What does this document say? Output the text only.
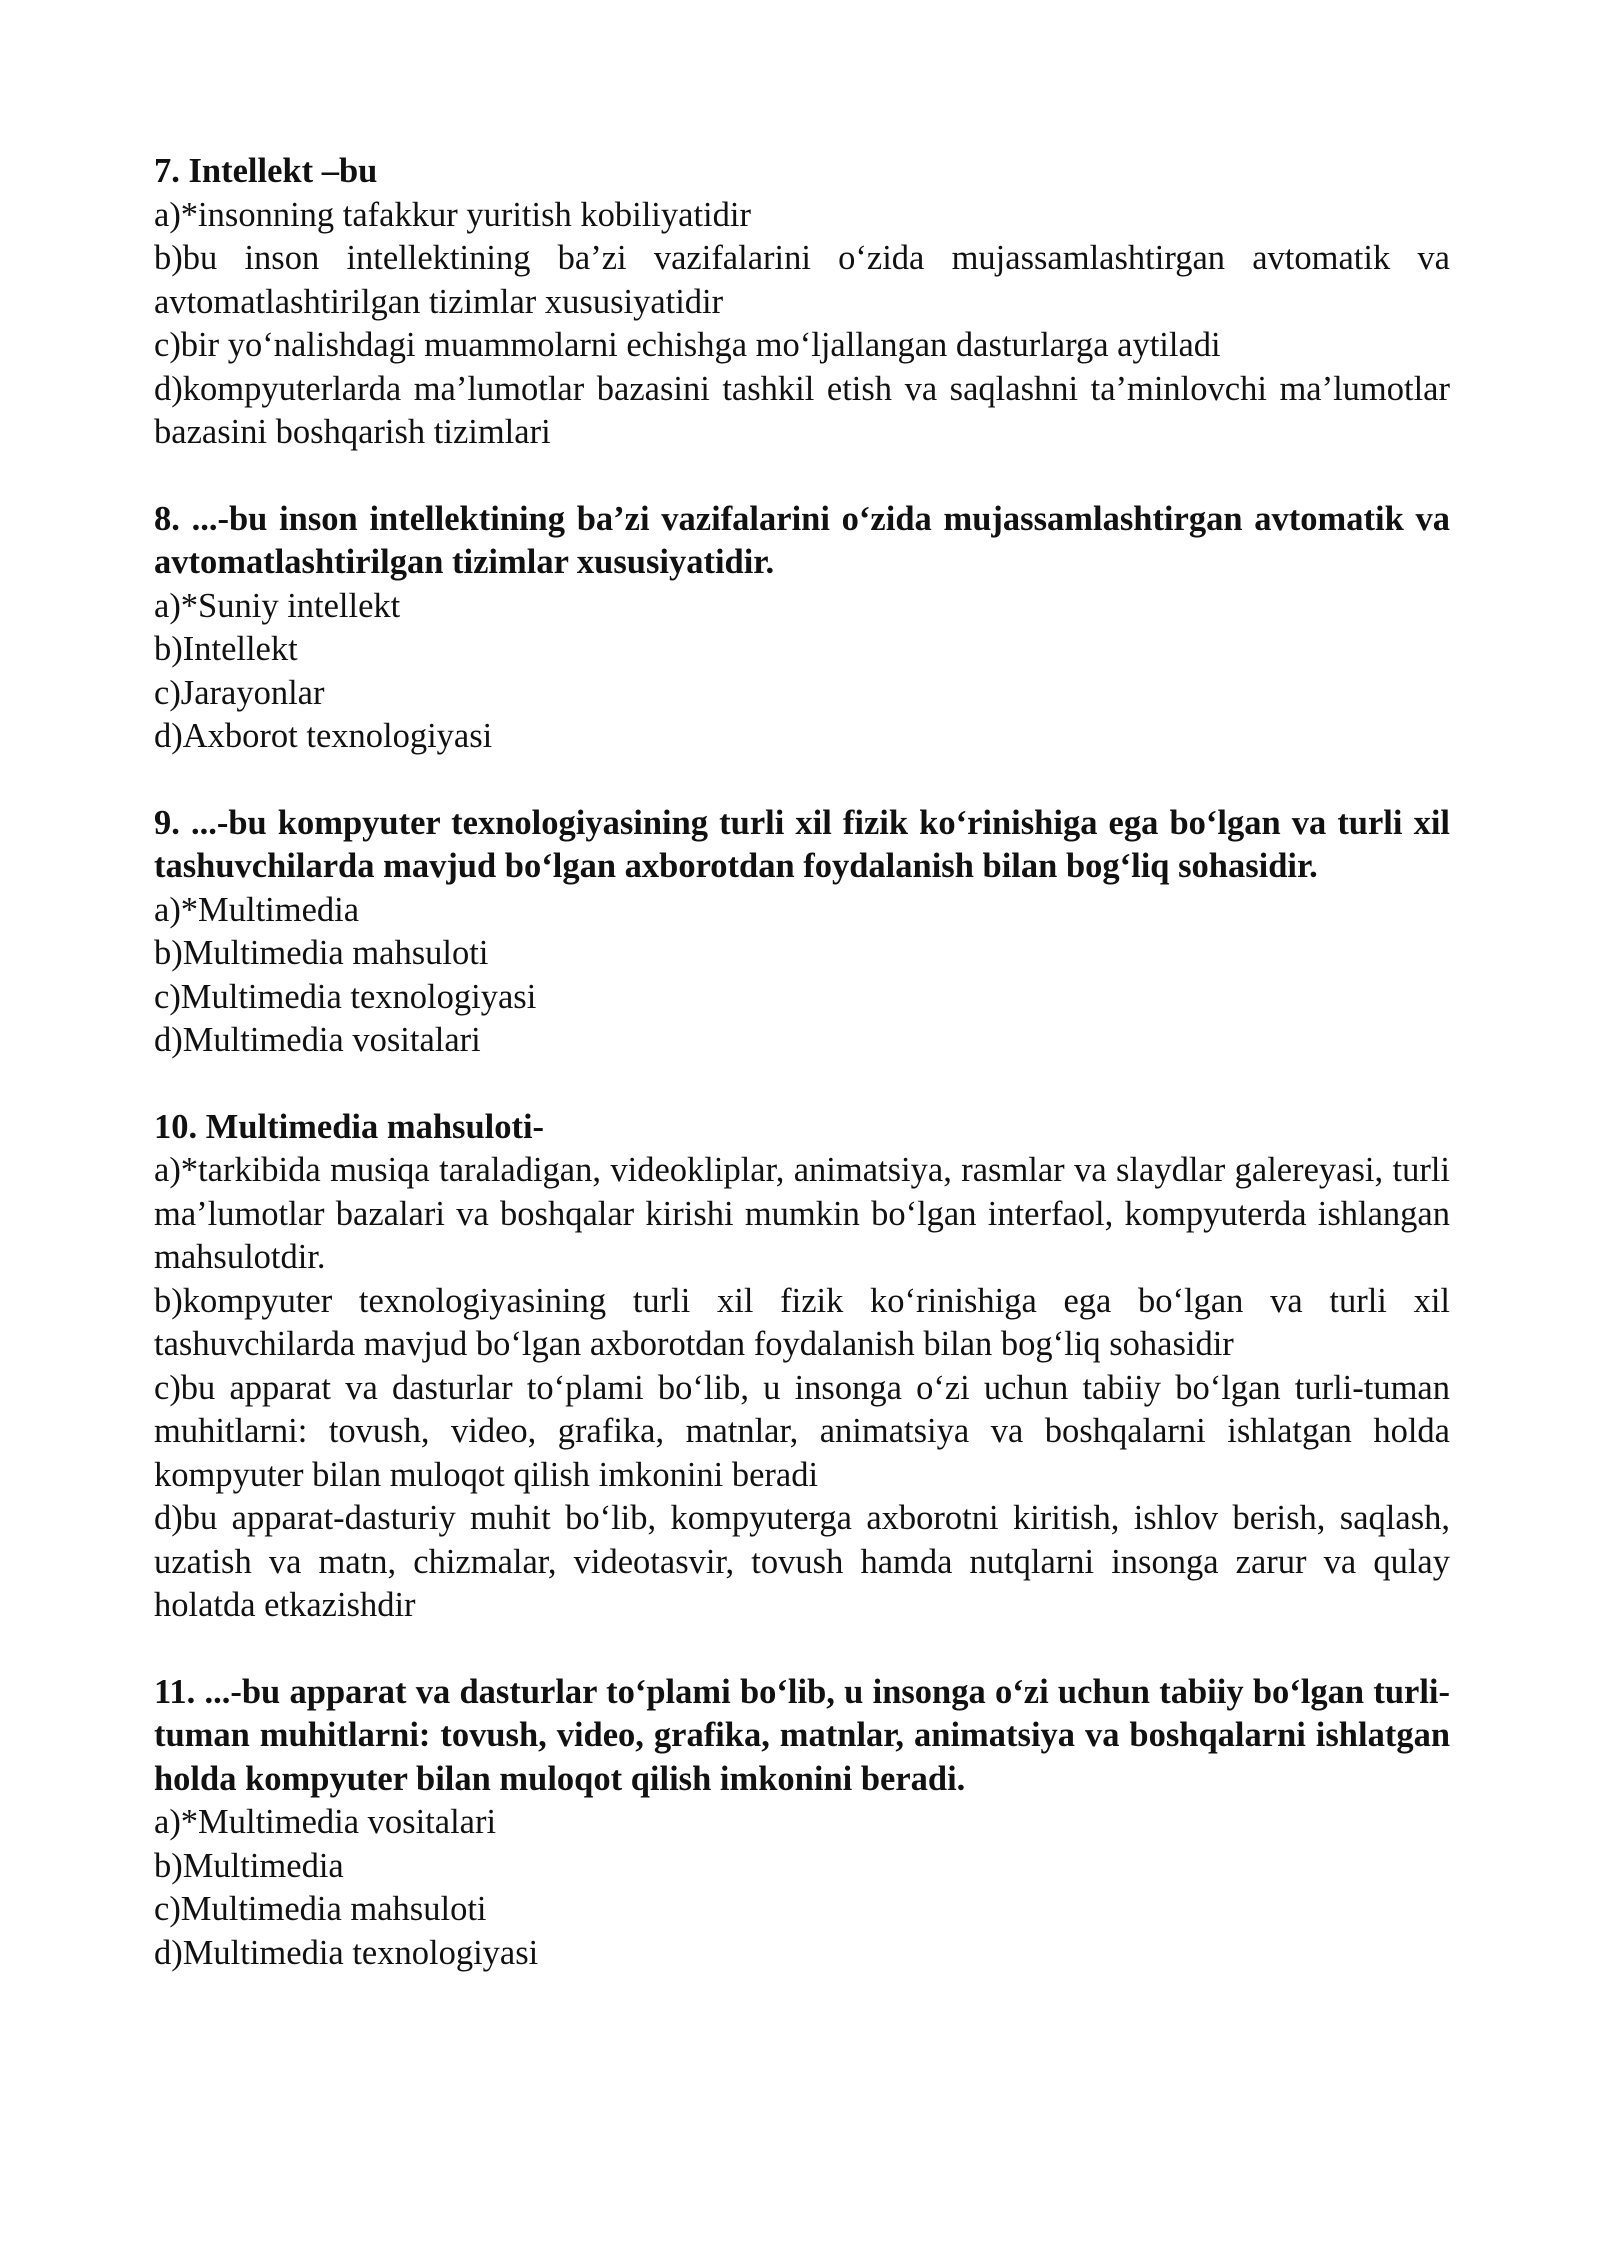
7. Intellekt –bu

a)*insonning tafakkur yuritish kobiliyatidir

b)bu inson intellektining ba’zi vazifalarini o‘zida mujassamlashtirgan avtomatik va avtomatlashtirilgan tizimlar xususiyatidir

c)bir yo‘nalishdagi muammolarni echishga mo‘ljallangan dasturlarga aytiladi

d)kompyuterlarda ma’lumotlar bazasini tashkil etish va saqlashni ta’minlovchi ma’lumotlar bazasini boshqarish tizimlari

8. ...-bu inson intellektining ba’zi vazifalarini o‘zida mujassamlashtirgan avtomatik va avtomatlashtirilgan tizimlar xususiyatidir.

a)*Suniy intellekt

b)Intellekt

c)Jarayonlar

d)Axborot texnologiyasi

9. ...-bu kompyuter texnologiyasining turli xil fizik ko‘rinishiga ega bo‘lgan va turli xil tashuvchilarda mavjud bo‘lgan axborotdan foydalanish bilan bog‘liq sohasidir.

a)*Multimedia

b)Multimedia mahsuloti

c)Multimedia texnologiyasi

d)Multimedia vositalari

10. Multimedia mahsuloti-

a)*tarkibida musiqa taraladigan, videokliplar, animatsiya, rasmlar va slaydlar galereyasi, turli ma’lumotlar bazalari va boshqalar kirishi mumkin bo‘lgan interfaol, kompyuterda ishlangan mahsulotdir.

b)kompyuter texnologiyasining turli xil fizik ko‘rinishiga ega bo‘lgan va turli xil tashuvchilarda mavjud bo‘lgan axborotdan foydalanish bilan bog‘liq sohasidir

c)bu apparat va dasturlar to‘plami bo‘lib, u insonga o‘zi uchun tabiiy bo‘lgan turli-tuman muhitlarni: tovush, video, grafika, matnlar, animatsiya va boshqalarni ishlatgan holda kompyuter bilan muloqot qilish imkonini beradi

d)bu apparat-dasturiy muhit bo‘lib, kompyuterga axborotni kiritish, ishlov berish, saqlash, uzatish va matn, chizmalar, videotasvir, tovush hamda nutqlarni insonga zarur va qulay holatda etkazishdir

11. ...-bu apparat va dasturlar to‘plami bo‘lib, u insonga o‘zi uchun tabiiy bo‘lgan turli-tuman muhitlarni: tovush, video, grafika, matnlar, animatsiya va boshqalarni ishlatgan holda kompyuter bilan muloqot qilish imkonini beradi.

a)*Multimedia vositalari

b)Multimedia

c)Multimedia mahsuloti

d)Multimedia texnologiyasi
